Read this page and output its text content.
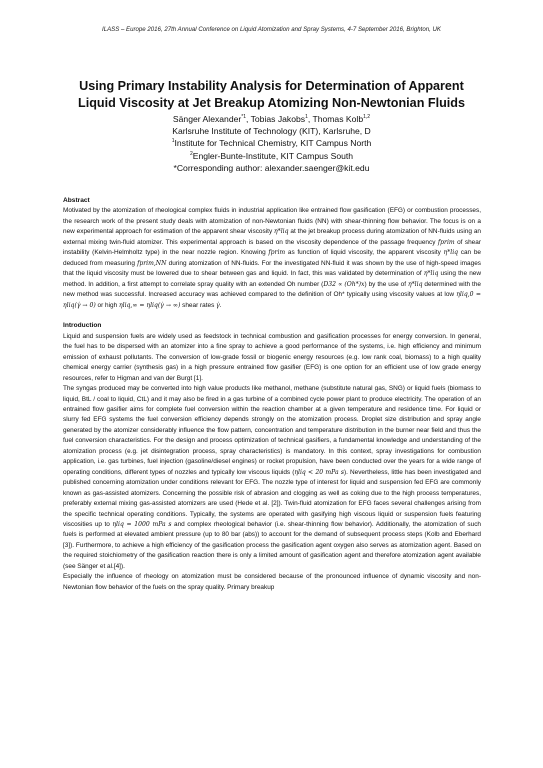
ILASS – Europe 2016, 27th Annual Conference on Liquid Atomization and Spray Systems, 4-7 September 2016, Brighton, UK
Using Primary Instability Analysis for Determination of Apparent
Liquid Viscosity at Jet Breakup Atomizing Non-Newtonian Fluids
Sänger Alexander$^{*1}$, Tobias Jakobs$^1$, Thomas Kolb$^{1,2}$
Karlsruhe Institute of Technology (KIT), Karlsruhe, D
$^1$Institute for Technical Chemistry, KIT Campus North
$^2$Engler-Bunte-Institute, KIT Campus South
*Corresponding author: alexander.saenger@kit.edu
Abstract

Motivated by the atomization of rheological complex fluids in industrial application like entrained flow gasification (EFG) or combustion processes, the research work of the present study deals with atomization of non-Newtonian fluids (NN) with shear-thinning flow behavior. The focus is on a new experimental approach for estimation of the apparent shear viscosity η*liq at the jet breakup process during atomization of NN-fluids using an external mixing twin-fluid atomizer. This experimental approach is based on the viscosity dependence of the passage frequency fprim of shear instability (Kelvin-Helmholtz type) in the near nozzle region. Knowing fprim as function of liquid viscosity, the apparent viscosity η*liq can be deduced from measuring fprim,NN during atomization of NN-fluids. For the investigated NN-fluid it was shown by the use of high-speed images that the liquid viscosity must be lowered due to shear between gas and liquid. In fact, this was validated by determination of η*liq using the new method. In addition, a first attempt to correlate spray quality with an extended Oh number (D32 ∝ (Oh*)x) by the use of η*liq determined with the new method was successful. Increased accuracy was achieved compared to the definition of Oh* typically using viscosity values at low ηliq,0 = ηliq(γ̇ → 0) or high ηliq,∞ = ηliq(γ̇ → ∞) shear rates γ̇.

Introduction

Liquid and suspension fuels are widely used as feedstock in technical combustion and gasification processes for energy conversion. In general, the fuel has to be dispersed with an atomizer into a fine spray to achieve a good performance of the systems, i.e. high efficiency and minimum emission of exhaust pollutants. The conversion of low-grade fossil or biogenic energy resources (e.g. low rank coal, biomass) to a high quality chemical energy carrier (synthesis gas) in a high pressure entrained flow gasifier (EFG) is one option for an efficient use of low grade energy resources, refer to Higman and van der Burgt [1].

The syngas produced may be converted into high value products like methanol, methane (substitute natural gas, SNG) or liquid fuels (biomass to liquid, BtL / coal to liquid, CtL) and it may also be fired in a gas turbine of a combined cycle power plant to produce electricity. The operation of an entrained flow gasifier aims for complete fuel conversion within the reaction chamber at a given temperature and residence time. For liquid or slurry fed EFG systems the fuel conversion efficiency depends strongly on the atomization process. Droplet size distribution and spray angle generated by the atomizer considerably influence the flow pattern, concentration and temperature distribution in the burner near field and thus the fuel conversion characteristics. For the design and process optimization of technical gasifiers, a fundamental knowledge and understanding of the atomization process (e.g. jet disintegration process, spray characteristics) is mandatory. In this context, spray investigations for combustion application, i.e. gas turbines, fuel injection (gasoline/diesel engines) or rocket propulsion, have been conducted over the years for a wide range of operating conditions, different types of nozzles and typically low viscous liquids (ηliq < 20 mPa s). Nevertheless, little has been investigated and published concerning atomization under conditions relevant for EFG. The nozzle type of interest for liquid and suspension fed EFG are commonly known as gas-assisted atomizers. Concerning the possible risk of abrasion and clogging as well as coking due to the high process temperatures, preferably external mixing gas-assisted atomizers are used (Hede et al. [2]). Twin-fluid atomization for EFG faces several challenges arising from the specific technical operating conditions. Typically, the systems are operated with gasifying high viscous liquid or suspension fuels featuring viscosities up to ηliq = 1000 mPa s and complex rheological behavior (i.e. shear-thinning flow behavior). Additionally, the atomization of such fuels is performed at elevated ambient pressure (up to 80 bar (abs)) to account for the demand of subsequent process steps (Kolb and Eberhard [3]). Furthermore, to achieve a high efficiency of the gasification process the gasification agent oxygen also serves as atomization agent. Based on the required stoichiometry of the gasification reaction there is only a limited amount of gasification agent and therefore atomization agent available (see Sänger et al.[4]).

Especially the influence of rheology on atomization must be considered because of the pronounced influence of dynamic viscosity and non-Newtonian flow behavior of the fuels on the spray quality. Primary breakup
